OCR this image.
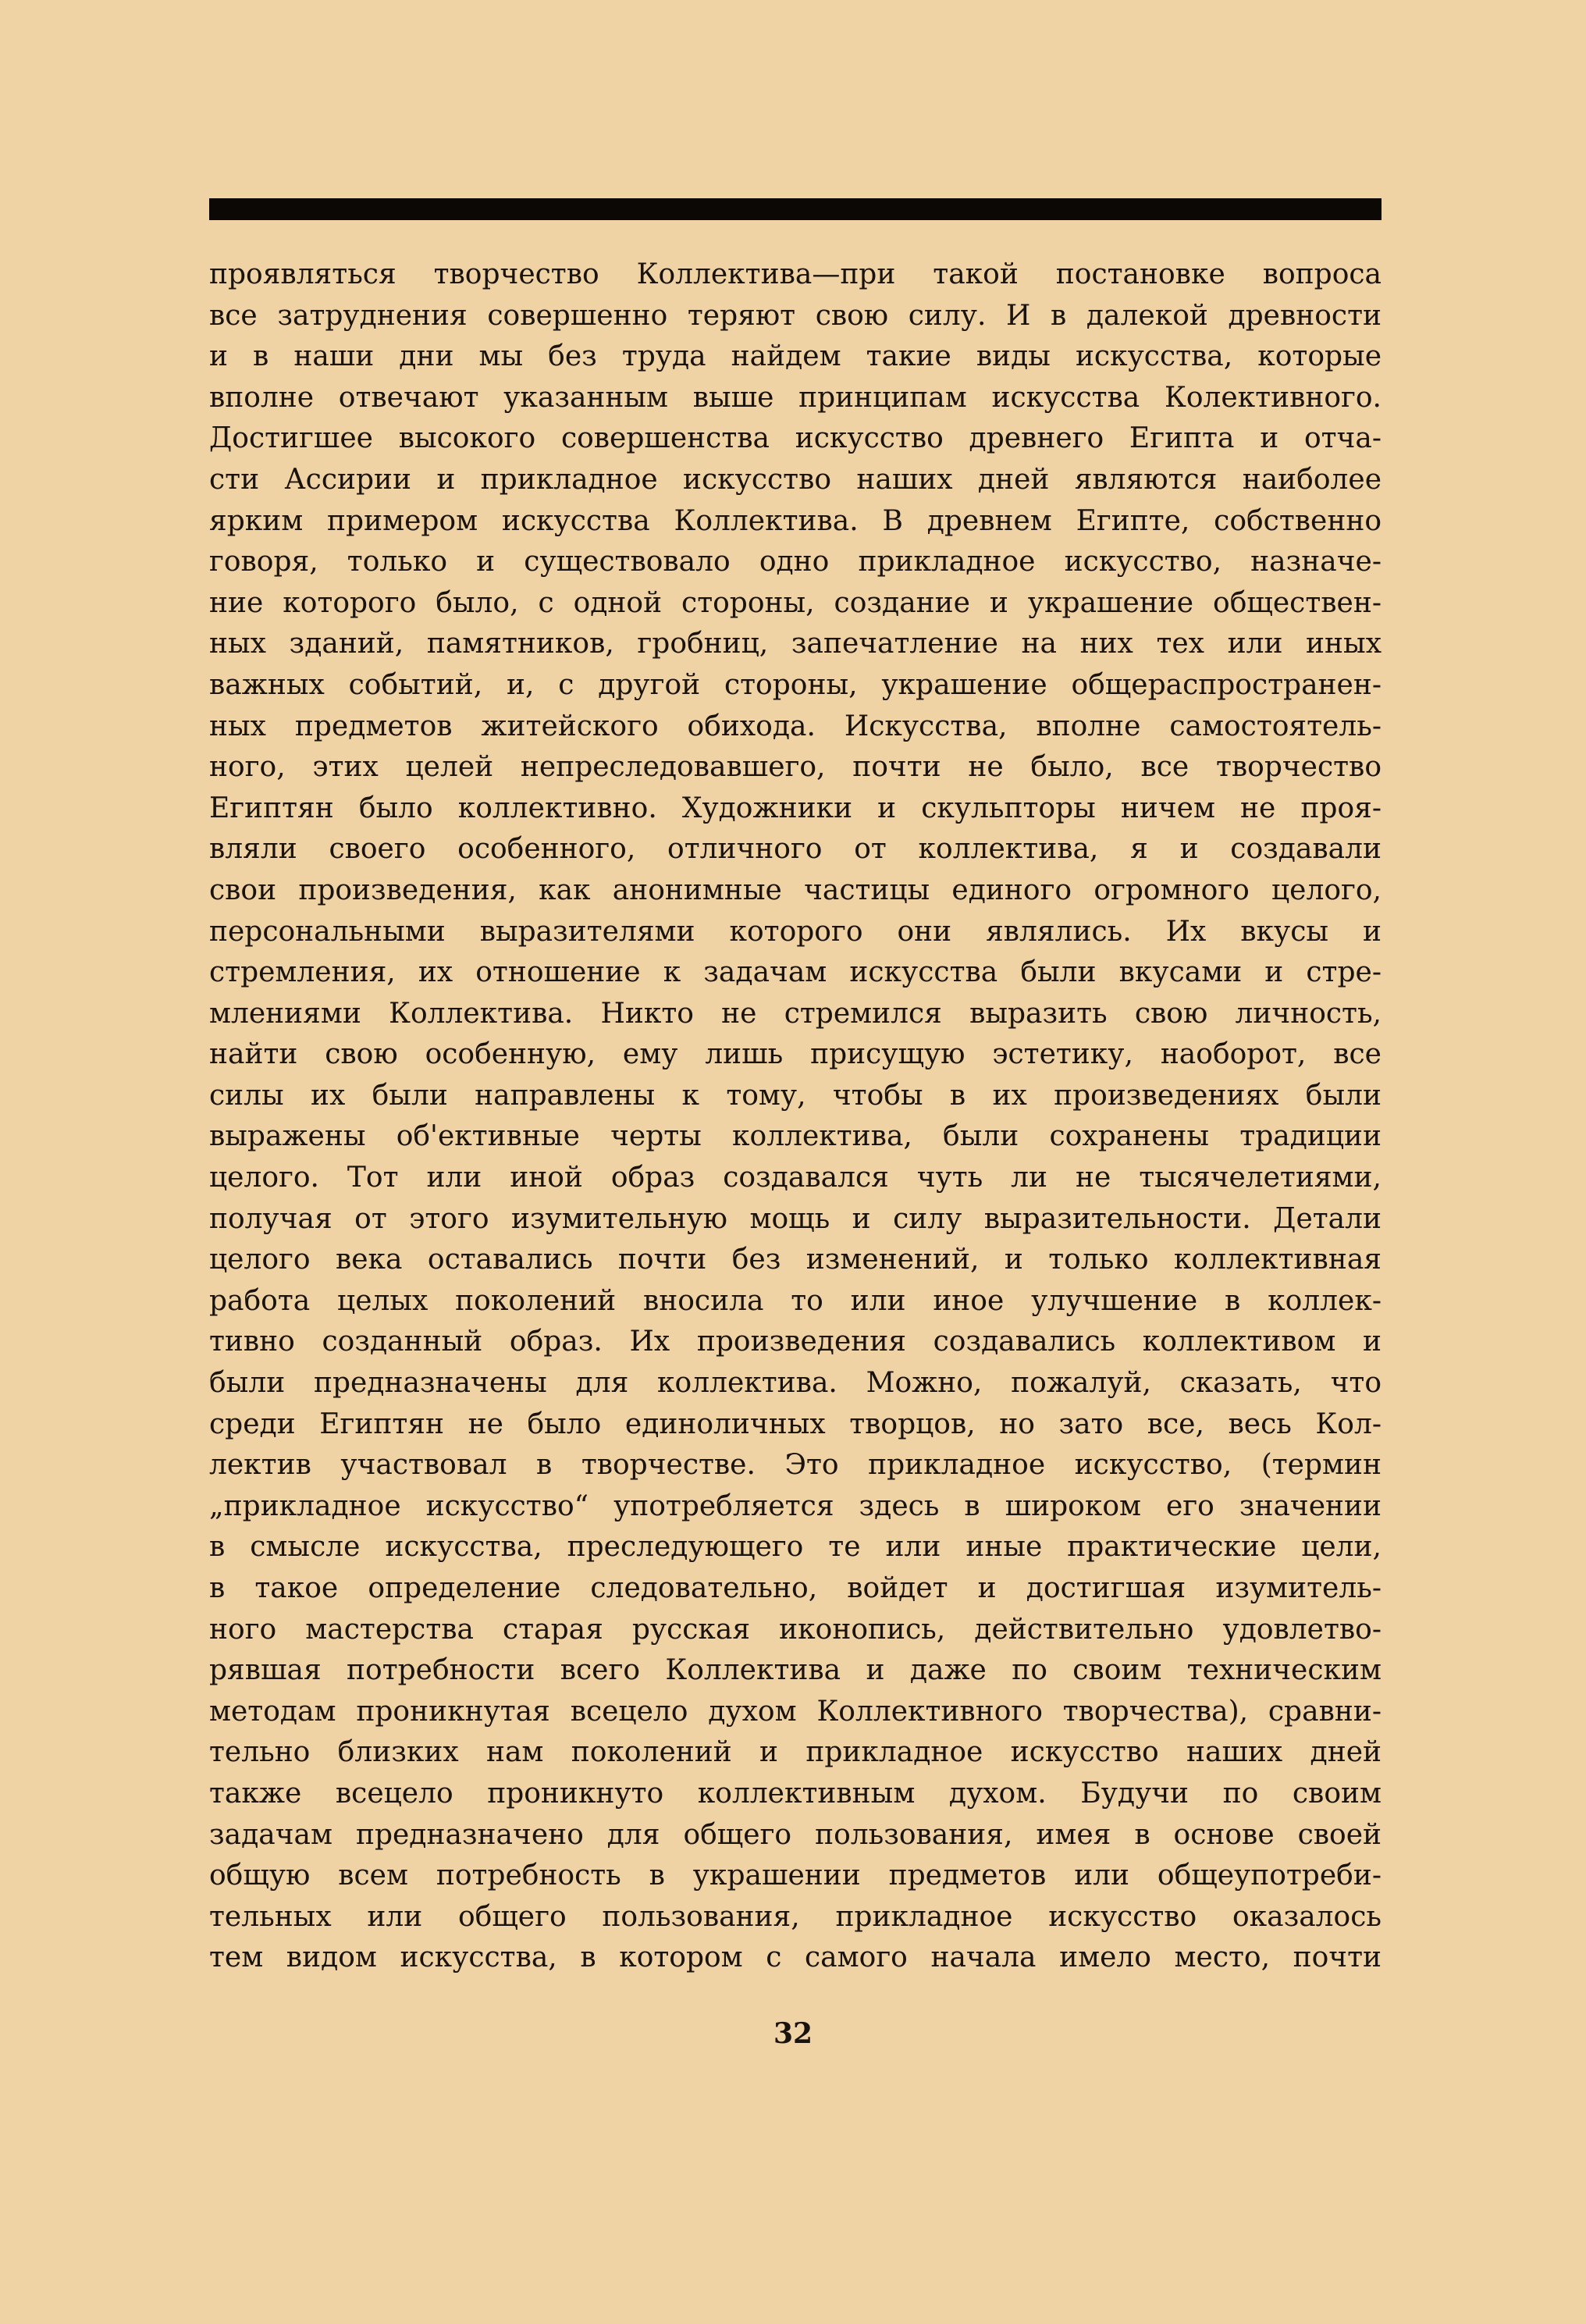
проявляться творчество Коллектива—при такой постановке вопроса
все затруднения совершенно теряют свою силу. И в далекой древности
и в наши дни мы без труда найдем такие виды искусства, которые
вполне отвечают указанным выше принципам искусства Колективного.
Достигшее высокого совершенства искусство древнего Египта и отча-
сти Ассирии и прикладное искусство наших дней являются наиболее
ярким примером искусства Коллектива. В древнем Египте, собственно
говоря, только и существовало одно прикладное искусство, назначе-
ние которого было, с одной стороны, создание и украшение обществен-
ных зданий, памятников, гробниц, запечатление на них тех или иных
важных событий, и, с другой стороны, украшение общераспространен-
ных предметов житейского обихода. Искусства, вполне самостоятель-
ного, этих целей непреследовавшего, почти не было, все творчество
Египтян было коллективно. Художники и скульпторы ничем не проя-
вляли своего особенного, отличного от коллектива, я и создавали
свои произведения, как анонимные частицы единого огромного целого,
персональными выразителями которого они являлись. Их вкусы и
стремления, их отношение к задачам искусства были вкусами и стре-
млениями Коллектива. Никто не стремился выразить свою личность,
найти свою особенную, ему лишь присущую эстетику, наоборот, все
силы их были направлены к тому, чтобы в их произведениях были
выражены об'ективные черты коллектива, были сохранены традиции
целого. Тот или иной образ создавался чуть ли не тысячелетиями,
получая от этого изумительную мощь и силу выразительности. Детали
целого века оставались почти без изменений, и только коллективная
работа целых поколений вносила то или иное улучшение в коллек-
тивно созданный образ. Их произведения создавались коллективом и
были предназначены для коллектива. Можно, пожалуй, сказать, что
среди Египтян не было единоличных творцов, но зато все, весь Кол-
лектив участвовал в творчестве. Это прикладное искусство, (термин
„прикладное искусство“ употребляется здесь в широком его значении
в смысле искусства, преследующего те или иные практические цели,
в такое определение следовательно, войдет и достигшая изумитель-
ного мастерства старая русская иконопись, действительно удовлетво-
рявшая потребности всего Коллектива и даже по своим техническим
методам проникнутая всецело духом Коллективного творчества), сравни-
тельно близких нам поколений и прикладное искусство наших дней
также всецело проникнуто коллективным духом. Будучи по своим
задачам предназначено для общего пользования, имея в основе своей
общую всем потребность в украшении предметов или общеупотреби-
тельных или общего пользования, прикладное искусство оказалось
тем видом искусства, в котором с самого начала имело место, почти
32
